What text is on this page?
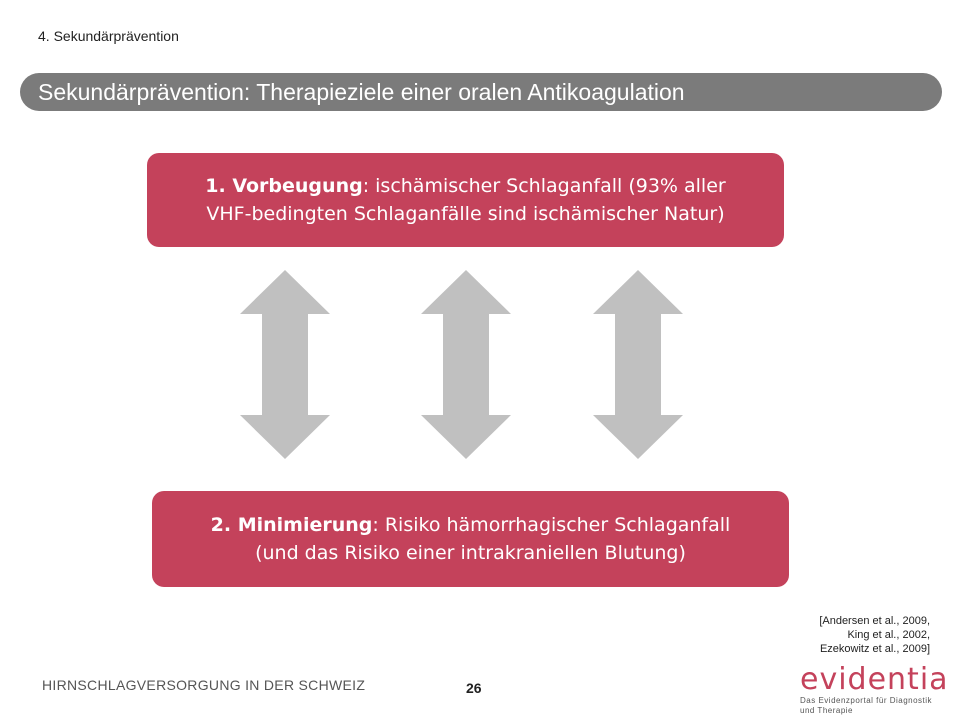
4. Sekundärprävention
Sekundärprävention: Therapieziele einer oralen Antikoagulation
1. Vorbeugung: ischämischer Schlaganfall (93% aller
VHF-bedingten Schlaganfälle sind ischämischer Natur)
2. Minimierung: Risiko hämorrhagischer Schlaganfall
(und das Risiko einer intrakraniellen Blutung)
[Andersen et al., 2009,
King et al., 2002,
Ezekowitz et al., 2009]
HIRNSCHLAGVERSORGUNG IN DER SCHWEIZ	26	evidentia
Das Evidenzportal für Diagnostik
und Therapie
